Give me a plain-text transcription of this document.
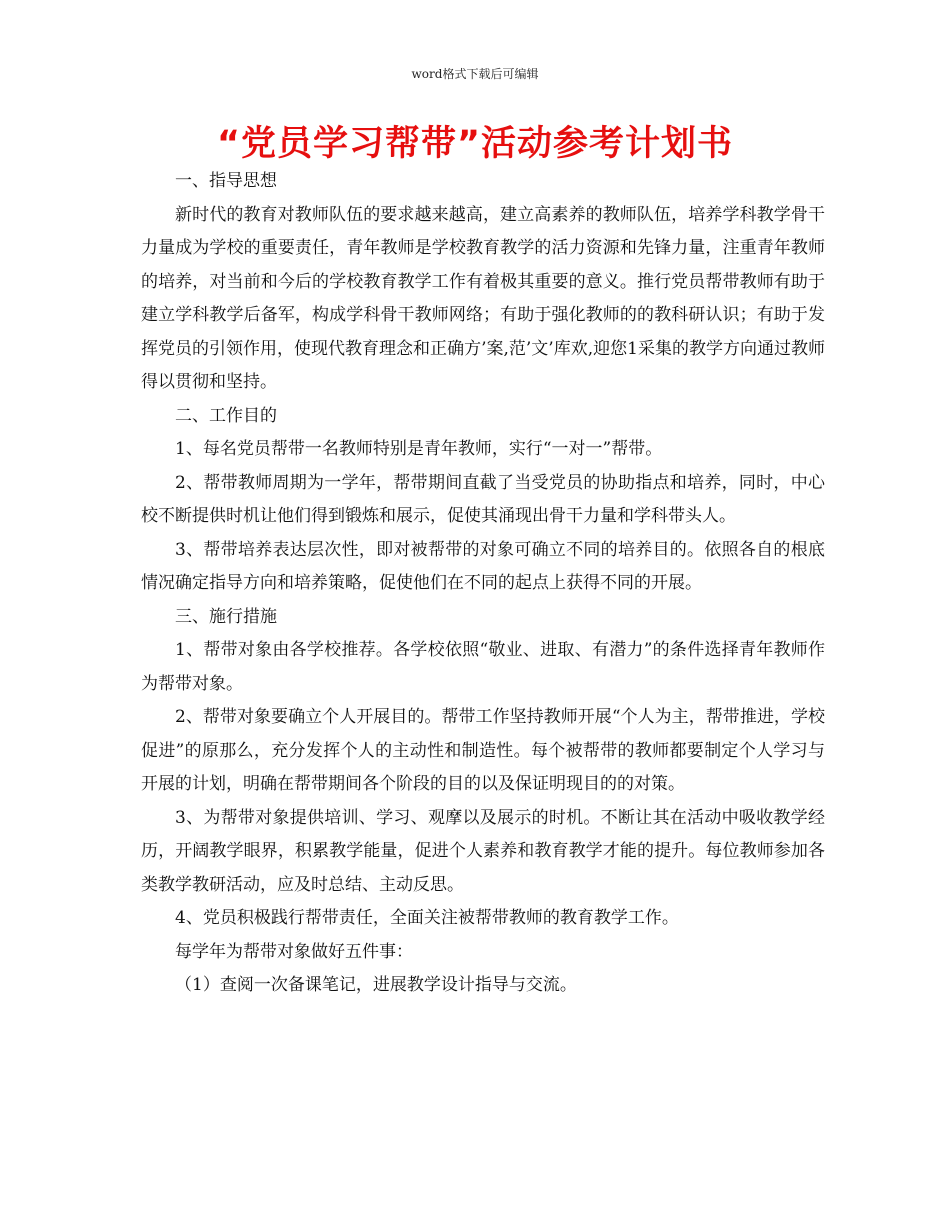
word格式下载后可编辑
“党员学习帮带”活动参考计划书

一、指导思想

新时代的教育对教师队伍的要求越来越高，建立高素养的教师队伍，培养学科教学骨干力量成为学校的重要责任，青年教师是学校教育教学的活力资源和先锋力量，注重青年教师的培养，对当前和今后的学校教育教学工作有着极其重要的意义。推行党员帮带教师有助于建立学科教学后备军，构成学科骨干教师网络；有助于强化教师的的教科研认识；有助于发挥党员的引领作用，使现代教育理念和正确方’案,范’文’库欢,迎您1采集的教学方向通过教师得以贯彻和坚持。

二、工作目的

1、每名党员帮带一名教师特别是青年教师，实行“一对一”帮带。

2、帮带教师周期为一学年，帮带期间直截了当受党员的协助指点和培养，同时，中心校不断提供时机让他们得到锻炼和展示，促使其涌现出骨干力量和学科带头人。

3、帮带培养表达层次性，即对被帮带的对象可确立不同的培养目的。依照各自的根底情况确定指导方向和培养策略，促使他们在不同的起点上获得不同的开展。

三、施行措施

1、帮带对象由各学校推荐。各学校依照“敬业、进取、有潜力”的条件选择青年教师作为帮带对象。

2、帮带对象要确立个人开展目的。帮带工作坚持教师开展“个人为主，帮带推进，学校促进”的原那么，充分发挥个人的主动性和制造性。每个被帮带的教师都要制定个人学习与开展的计划，明确在帮带期间各个阶段的目的以及保证明现目的的对策。

3、为帮带对象提供培训、学习、观摩以及展示的时机。不断让其在活动中吸收教学经历，开阔教学眼界，积累教学能量，促进个人素养和教育教学才能的提升。每位教师参加各类教学教研活动，应及时总结、主动反思。

4、党员积极践行帮带责任，全面关注被帮带教师的教育教学工作。

每学年为帮带对象做好五件事：

（1）查阅一次备课笔记，进展教学设计指导与交流。
